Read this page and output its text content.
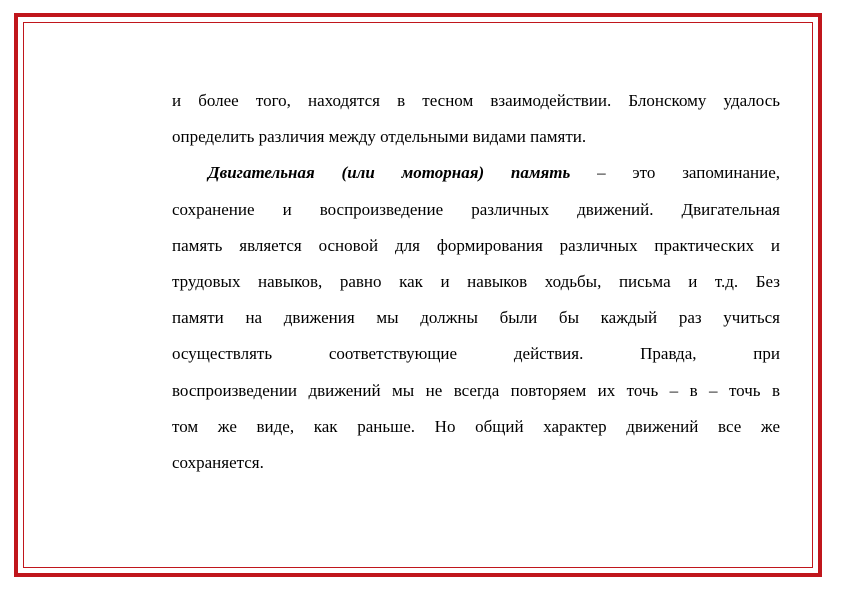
и более того, находятся в тесном взаимодействии. Блонскому удалось
определить различия между отдельными видами памяти.
Двигательная (или моторная) память – это запоминание,
сохранение и воспроизведение различных движений. Двигательная
память является основой для формирования различных практических и
трудовых навыков, равно как и навыков ходьбы, письма и т.д. Без
памяти на движения мы должны были бы каждый раз учиться
осуществлять соответствующие действия. Правда, при
воспроизведении движений мы не всегда повторяем их точь – в – точь в
том же виде, как раньше. Но общий характер движений все же
сохраняется.
